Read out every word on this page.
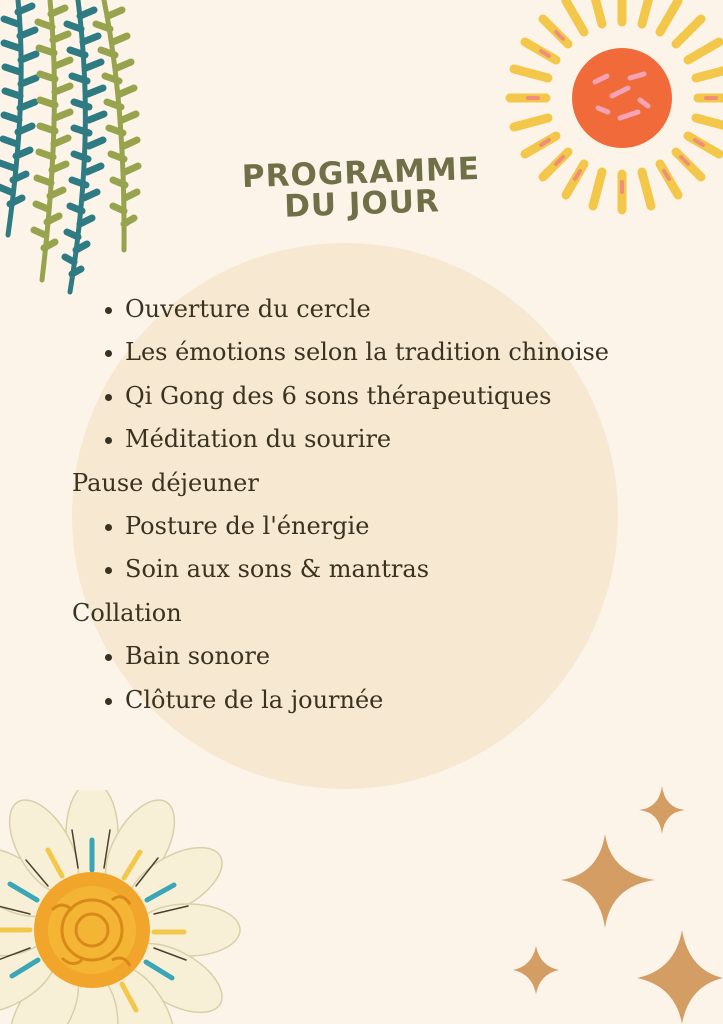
PROGRAMME
DU JOUR
Ouverture du cercle
Les émotions selon la tradition chinoise
Qi Gong des 6 sons thérapeutiques
Méditation du sourire
Pause déjeuner
Posture de l'énergie
Soin aux sons & mantras
Collation
Bain sonore
Clôture de la journée
